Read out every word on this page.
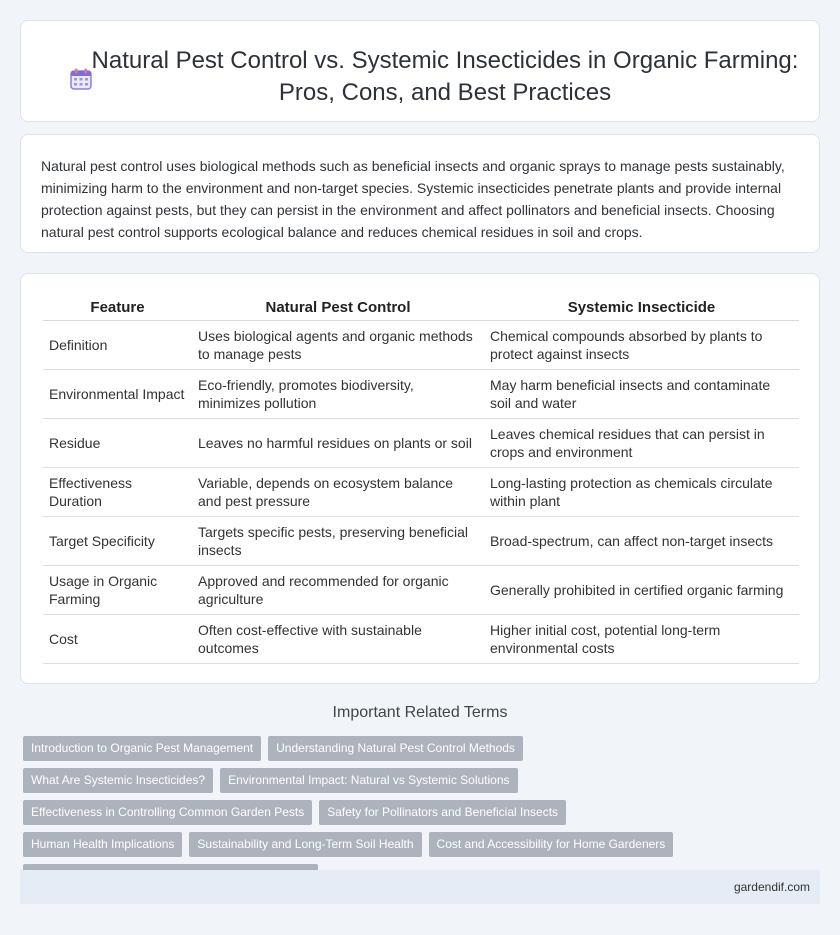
Natural Pest Control vs. Systemic Insecticides in Organic Farming: Pros, Cons, and Best Practices

Natural pest control uses biological methods such as beneficial insects and organic sprays to manage pests sustainably, minimizing harm to the environment and non-target species. Systemic insecticides penetrate plants and provide internal protection against pests, but they can persist in the environment and affect pollinators and beneficial insects. Choosing natural pest control supports ecological balance and reduces chemical residues in soil and crops.

Feature	Natural Pest Control	Systemic Insecticide
Definition	Uses biological agents and organic methods to manage pests	Chemical compounds absorbed by plants to protect against insects
Environmental Impact	Eco-friendly, promotes biodiversity, minimizes pollution	May harm beneficial insects and contaminate soil and water
Residue	Leaves no harmful residues on plants or soil	Leaves chemical residues that can persist in crops and environment
Effectiveness Duration	Variable, depends on ecosystem balance and pest pressure	Long-lasting protection as chemicals circulate within plant
Target Specificity	Targets specific pests, preserving beneficial insects	Broad-spectrum, can affect non-target insects
Usage in Organic Farming	Approved and recommended for organic agriculture	Generally prohibited in certified organic farming
Cost	Often cost-effective with sustainable outcomes	Higher initial cost, potential long-term environmental costs
Important Related Terms
Introduction to Organic Pest Management	Understanding Natural Pest Control Methods
What Are Systemic Insecticides?	Environmental Impact: Natural vs Systemic Solutions
Effectiveness in Controlling Common Garden Pests	Safety for Pollinators and Beneficial Insects
Human Health Implications	Sustainability and Long-Term Soil Health	Cost and Accessibility for Home Gardeners
gardendif.com
